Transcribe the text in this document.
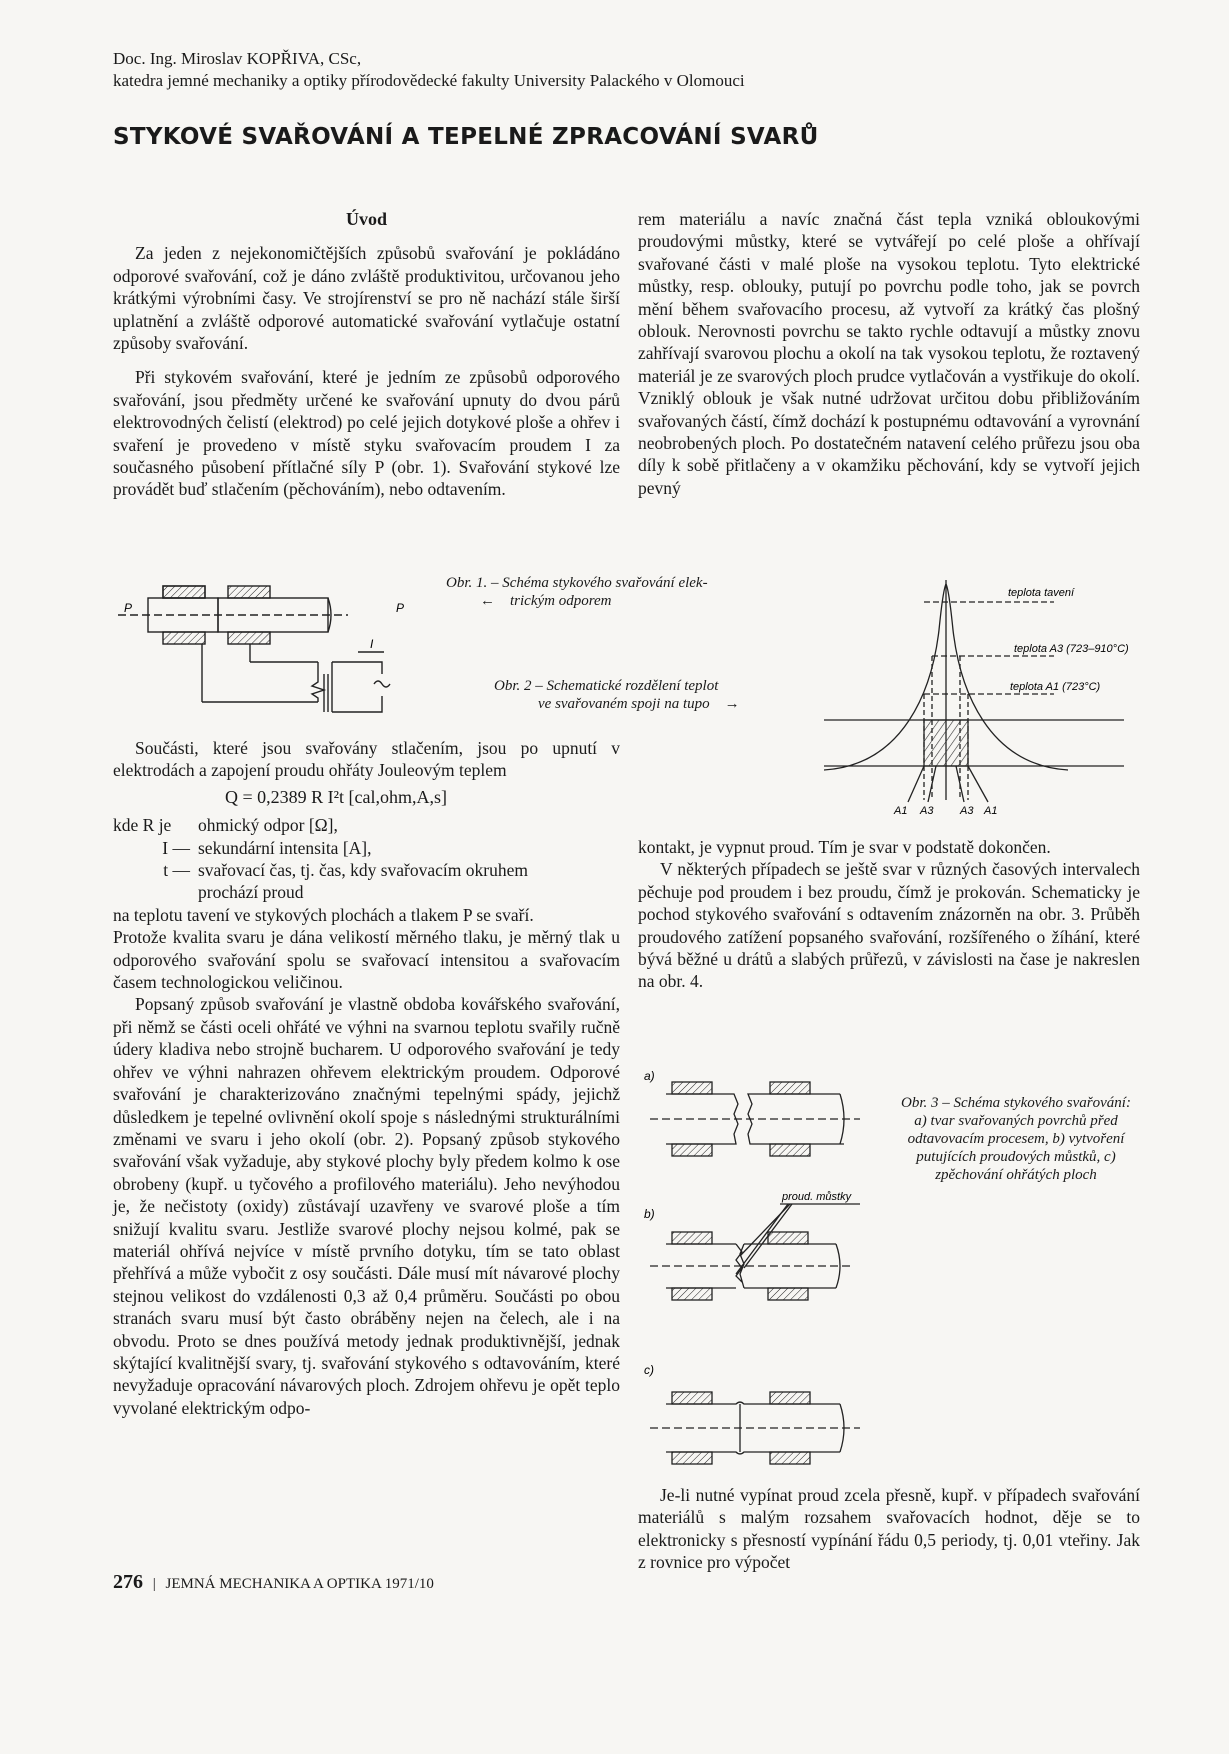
Doc. Ing. Miroslav KOPŘIVA, CSc,
katedra jemné mechaniky a optiky přírodovědecké fakulty University Palackého v Olomouci
STYKOVÉ SVAŘOVÁNÍ A TEPELNÉ ZPRACOVÁNÍ SVARŮ

Úvod

Za jeden z nejekonomičtějších způsobů svařování je pokládáno odporové svařování, což je dáno zvláště produktivitou, určovanou jeho krátkými výrobními časy. Ve strojírenství se pro ně nachází stále širší uplatnění a zvláště odporové automatické svařování vytlačuje ostatní způsoby svařování.

Při stykovém svařování, které je jedním ze způsobů odporového svařování, jsou předměty určené ke svařování upnuty do dvou párů elektrovodných čelistí (elektrod) po celé jejich dotykové ploše a ohřev i svaření je provedeno v místě styku svařovacím proudem I za současného působení přítlačné síly P (obr. 1). Svařování stykové lze provádět buď stlačením (pěchováním), nebo odtavením.

rem materiálu a navíc značná část tepla vzniká obloukovými proudovými můstky, které se vytvářejí po celé ploše a ohřívají svařované části v malé ploše na vysokou teplotu. Tyto elektrické můstky, resp. oblouky, putují po povrchu podle toho, jak se povrch mění během svařovacího procesu, až vytvoří za krátký čas plošný oblouk. Nerovnosti povrchu se takto rychle odtavují a můstky znovu zahřívají svarovou plochu a okolí na tak vysokou teplotu, že roztavený materiál je ze svarových ploch prudce vytlačován a vystřikuje do okolí. Vzniklý oblouk je však nutné udržovat určitou dobu přibližováním svařovaných částí, čímž dochází k postupnému odtavování a vyrovnání neobrobených ploch. Po dostatečném natavení celého průřezu jsou oba díly k sobě přitlačeny a v okamžiku pěchování, kdy se vytvoří jejich pevný

P	P
I
Obr. 1. – Schéma stykového svařování elek-
← trickým odporem
Obr. 2 – Schematické rozdělení teplot
ve svařovaném spoji na tupo →
teplota tavení
teplota A3 (723–910°C)
teplota A1 (723°C)
A1 A3 A3 A1

Součásti, které jsou svařovány stlačením, jsou po upnutí v elektrodách a zapojení proudu ohřáty Jouleovým teplem

Q = 0,2389 R I²t [cal,ohm,A,s]

kde R je	ohmický odpor [Ω],
I — sekundární intensita [A],
t — svařovací čas, tj. čas, kdy svařovacím okruhem
prochází proud

na teplotu tavení ve stykových plochách a tlakem P se svaří.

Protože kvalita svaru je dána velikostí měrného tlaku, je měrný tlak u odporového svařování spolu se svařovací intensitou a svařovacím časem technologickou veličinou.

Popsaný způsob svařování je vlastně obdoba kovářského svařování, při němž se části oceli ohřáté ve výhni na svarnou teplotu svařily ručně údery kladiva nebo strojně bucharem. U odporového svařování je tedy ohřev ve výhni nahrazen ohřevem elektrickým proudem. Odporové svařování je charakterizováno značnými tepelnými spády, jejichž důsledkem je tepelné ovlivnění okolí spoje s následnými strukturálními změnami ve svaru i jeho okolí (obr. 2). Popsaný způsob stykového svařování však vyžaduje, aby stykové plochy byly předem kolmo k ose obrobeny (kupř. u tyčového a profilového materiálu). Jeho nevýhodou je, že nečistoty (oxidy) zůstávají uzavřeny ve svarové ploše a tím snižují kvalitu svaru. Jestliže svarové plochy nejsou kolmé, pak se materiál ohřívá nejvíce v místě prvního dotyku, tím se tato oblast přehřívá a může vybočit z osy součásti. Dále musí mít návarové plochy stejnou velikost do vzdálenosti 0,3 až 0,4 průměru. Součásti po obou stranách svaru musí být často obráběny nejen na čelech, ale i na obvodu. Proto se dnes používá metody jednak produktivnější, jednak skýtající kvalitnější svary, tj. svařování stykového s odtavováním, které nevyžaduje opracování návarových ploch. Zdrojem ohřevu je opět teplo vyvolané elektrickým odpo-

kontakt, je vypnut proud. Tím je svar v podstatě dokončen.

V některých případech se ještě svar v různých časových intervalech pěchuje pod proudem i bez proudu, čímž je prokován. Schematicky je pochod stykového svařování s odtavením znázorněn na obr. 3. Průběh proudového zatížení popsaného svařování, rozšířeného o žíhání, které bývá běžné u drátů a slabých průřezů, v závislosti na čase je nakreslen na obr. 4.

a)
b)
c)
proud. můstky
Obr. 3 – Schéma stykového svařování: a) tvar svařovaných povrchů před odtavovacím procesem, b) vytvoření putujících proudových můstků, c) zpěchování ohřátých ploch

Je-li nutné vypínat proud zcela přesně, kupř. v případech svařování materiálů s malým rozsahem svařovacích hodnot, děje se to elektronicky s přesností vypínání řádu 0,5 periody, tj. 0,01 vteřiny. Jak z rovnice pro výpočet

276 | JEMNÁ MECHANIKA A OPTIKA 1971/10
